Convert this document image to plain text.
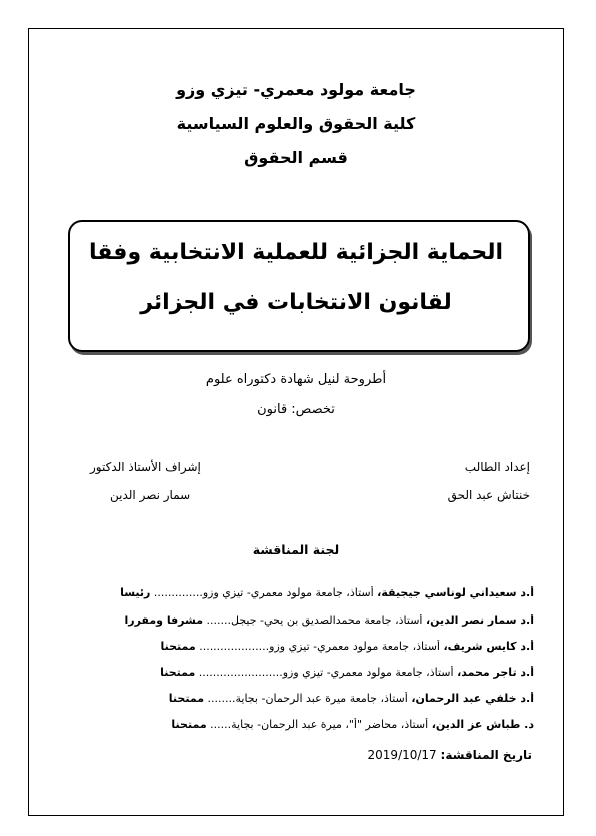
جامعة مولود معمري- تيزي وزو
كلية الحقوق والعلوم السياسية
قسم الحقوق
الحماية الجزائية للعملية الانتخابية وفقا
لقانون الانتخابات في الجزائر
أطروحة لنيل شهادة دكتوراه علوم
تخصص: قانون
إعداد الطالب
خنتاش عبد الحق
إشراف الأستاذ الدكتور
سمار نصر الدين
لجنة المناقشة
أ.د سعيداني لوناسي جيجيقة، أستاذ، جامعة مولود معمري- تيزي وزو.............. رئيسا
أ.د سمار نصر الدين، أستاذ، جامعة محمدالصديق بن يحي- جيجل....... مشرفا ومقررا
أ.د كايس شريف، أستاذ، جامعة مولود معمري- تيزي وزو.................... ممتحنا
أ.د تاجر محمد، أستاذ، جامعة مولود معمري- تيزي وزو........................ ممتحنا
أ.د خلفي عبد الرحمان، أستاذ، جامعة ميرة عبد الرحمان- بجاية........ ممتحنا
د. طباش عز الدين، أستاذ، محاضر "أ"، ميرة عبد الرحمان- بجاية...... ممتحنا
تاريخ المناقشة: 2019/10/17
